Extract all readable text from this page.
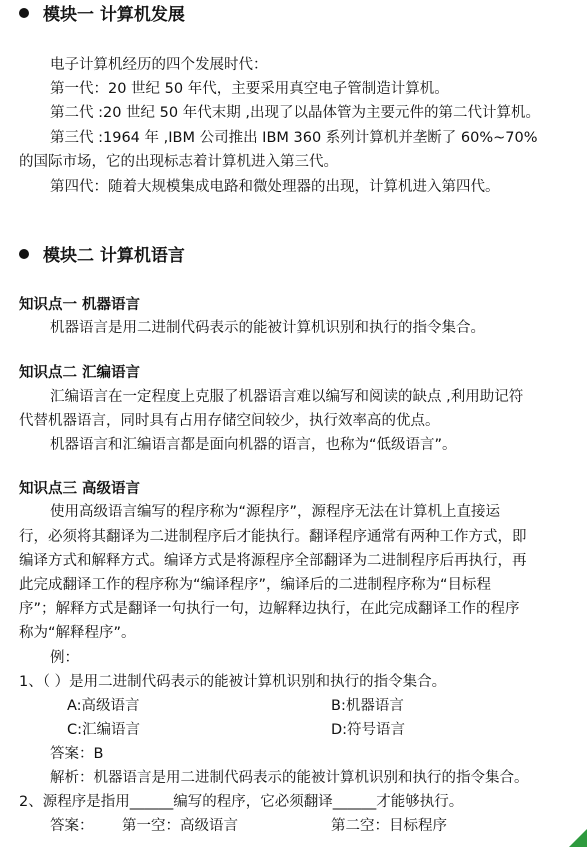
模块一 计算机发展
电子计算机经历的四个发展时代：
第一代：20 世纪 50 年代，主要采用真空电子管制造计算机。
第二代 :20 世纪 50 年代末期 ,出现了以晶体管为主要元件的第二代计算机。
第三代 :1964 年 ,IBM 公司推出 IBM 360 系列计算机并垄断了 60%~70%
的国际市场，它的出现标志着计算机进入第三代。
第四代：随着大规模集成电路和微处理器的出现，计算机进入第四代。
模块二 计算机语言
知识点一 机器语言
机器语言是用二进制代码表示的能被计算机识别和执行的指令集合。
知识点二 汇编语言
汇编语言在一定程度上克服了机器语言难以编写和阅读的缺点 ,利用助记符
代替机器语言，同时具有占用存储空间较少，执行效率高的优点。
机器语言和汇编语言都是面向机器的语言，也称为“低级语言”。
知识点三 高级语言
使用高级语言编写的程序称为“源程序”，源程序无法在计算机上直接运
行，必须将其翻译为二进制程序后才能执行。翻译程序通常有两种工作方式，即
编译方式和解释方式。编译方式是将源程序全部翻译为二进制程序后再执行，再
此完成翻译工作的程序称为“编译程序”，编译后的二进制程序称为“目标程
序”；解释方式是翻译一句执行一句，边解释边执行，在此完成翻译工作的程序
称为“解释程序”。
例：
1、（ ）是用二进制代码表示的能被计算机识别和执行的指令集合。
A:高级语言	B:机器语言
C:汇编语言	D:符号语言
答案：B
解析：机器语言是用二进制代码表示的能被计算机识别和执行的指令集合。
2、源程序是指用______编写的程序，它必须翻译______才能够执行。
答案： 第一空：高级语言	第二空：目标程序
